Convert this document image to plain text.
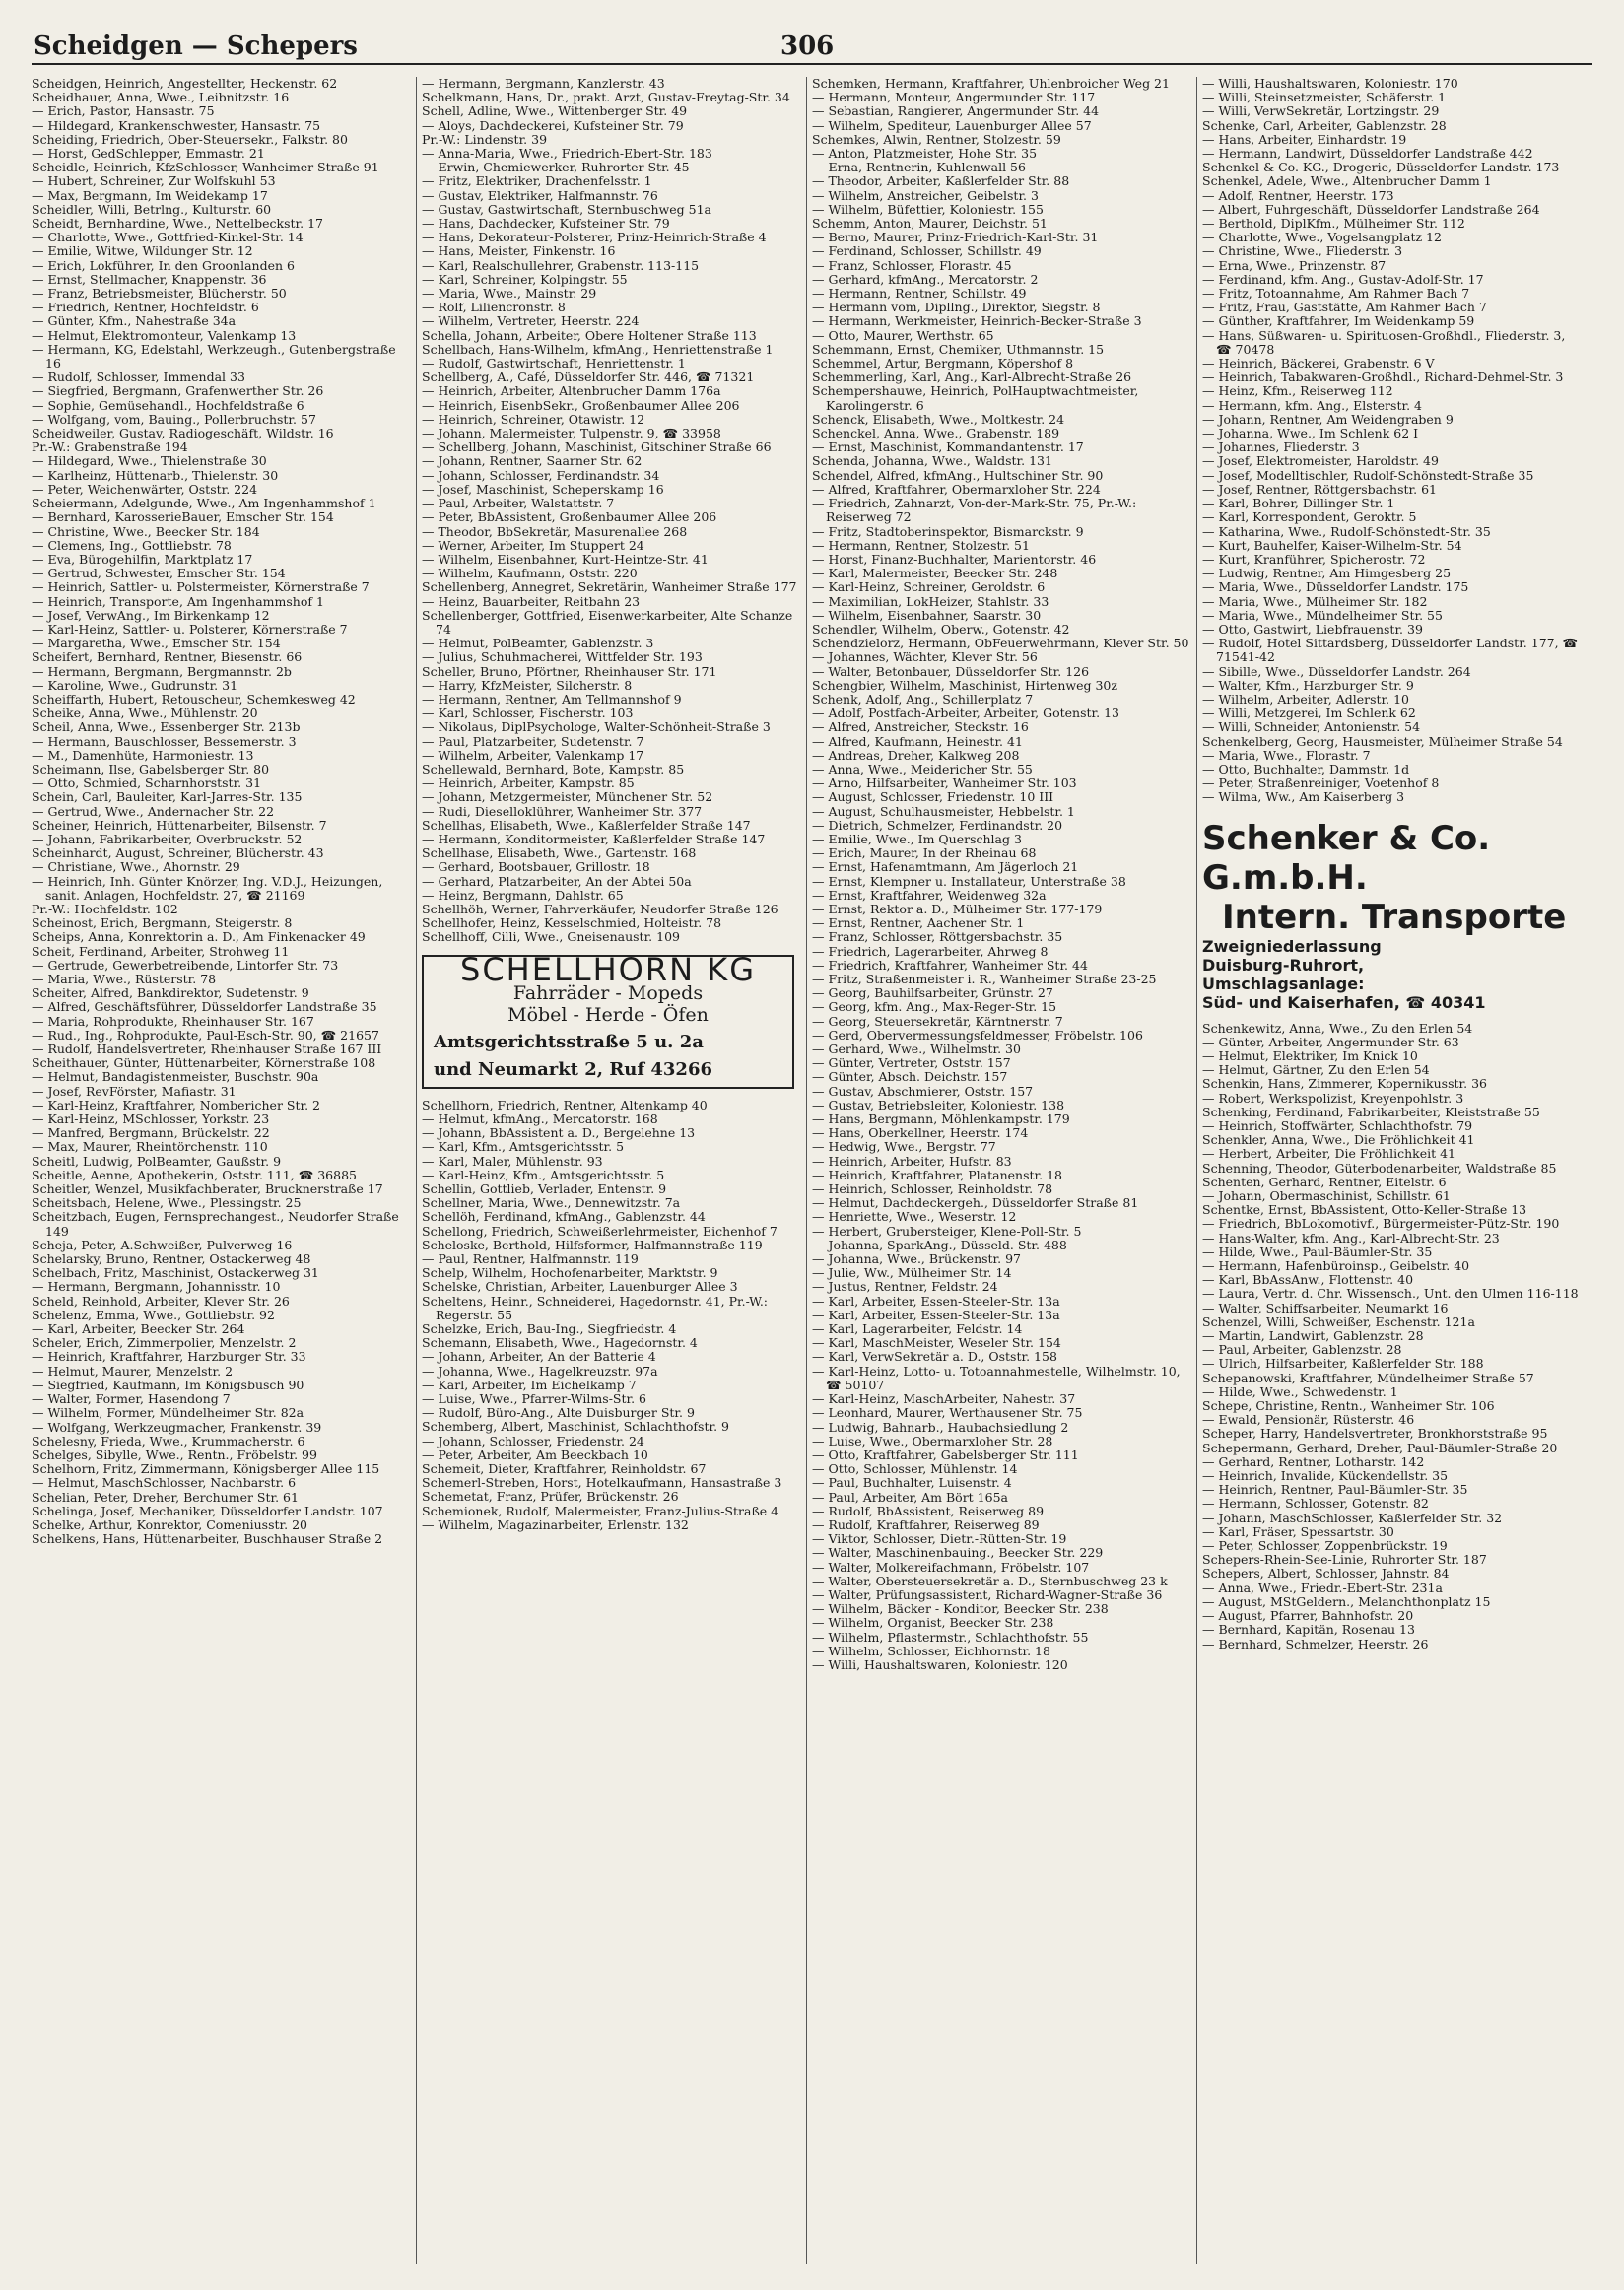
Scheidgen — Schepers	306
Scheidgen, Heinrich, Angestellter, Heckenstr. 62
Scheidhauer, Anna, Wwe., Leibnitzstr. 16
— Erich, Pastor, Hansastr. 75
— Hildegard, Krankenschwester, Hansastr. 75
Scheiding, Friedrich, Ober-Steuersekr., Falkstr. 80
— Horst, GedSchlepper, Emmastr. 21
Scheidle, Heinrich, KfzSchlosser, Wanheimer Straße 91
— Hubert, Schreiner, Zur Wolfskuhl 53
— Max, Bergmann, Im Weidekamp 17
Scheidler, Willi, Betrlng., Kulturstr. 60
Scheidt, Bernhardine, Wwe., Nettelbeckstr. 17
— Charlotte, Wwe., Gottfried-Kinkel-Str. 14
— Emilie, Witwe, Wildunger Str. 12
— Erich, Lokführer, In den Groonlanden 6
— Ernst, Stellmacher, Knappenstr. 36
— Franz, Betriebsmeister, Blücherstr. 50
— Friedrich, Rentner, Hochfeldstr. 6
— Günter, Kfm., Nahestraße 34a
— Helmut, Elektromonteur, Valenkamp 13
— Hermann, KG, Edelstahl, Werkzeugh., Gutenbergstraße 16
— Rudolf, Schlosser, Immendal 33
— Siegfried, Bergmann, Grafenwerther Str. 26
— Sophie, Gemüsehandl., Hochfeldstraße 6
— Wolfgang, vom, Bauing., Pollerbruchstr. 57
Scheidweiler, Gustav, Radiogeschäft, Wildstr. 16
Pr.-W.: Grabenstraße 194
— Hildegard, Wwe., Thielenstraße 30
— Karlheinz, Hüttenarb., Thielenstr. 30
— Peter, Weichenwärter, Oststr. 224
Scheiermann, Adelgunde, Wwe., Am Ingenhammshof 1
— Bernhard, KarosserieBauer, Emscher Str. 154
— Christine, Wwe., Beecker Str. 184
— Clemens, Ing., Gottliebstr. 78
— Eva, Bürogehilfin, Marktplatz 17
— Gertrud, Schwester, Emscher Str. 154
— Heinrich, Sattler- u. Polstermeister, Körnerstraße 7
— Heinrich, Transporte, Am Ingenhammshof 1
— Josef, VerwAng., Im Birkenkamp 12
— Karl-Heinz, Sattler- u. Polsterer, Körnerstraße 7
— Margaretha, Wwe., Emscher Str. 154
Scheifert, Bernhard, Rentner, Biesenstr. 66
— Hermann, Bergmann, Bergmannstr. 2b
— Karoline, Wwe., Gudrunstr. 31
Scheiffarth, Hubert, Retouscheur, Schemkesweg 42
Scheike, Anna, Wwe., Mühlenstr. 20
Scheil, Anna, Wwe., Essenberger Str. 213b
— Hermann, Bauschlosser, Bessemerstr. 3
— M., Damenhüte, Harmoniestr. 13
Scheimann, Ilse, Gabelsberger Str. 80
— Otto, Schmied, Scharnhorststr. 31
Schein, Carl, Bauleiter, Karl-Jarres-Str. 135
— Gertrud, Wwe., Andernacher Str. 22
Scheiner, Heinrich, Hüttenarbeiter, Bilsenstr. 7
— Johann, Fabrikarbeiter, Overbruckstr. 52
Scheinhardt, August, Schreiner, Blücherstr. 43
— Christiane, Wwe., Ahornstr. 29
— Heinrich, Inh. Günter Knörzer, Ing. V.D.J., Heizungen, sanit. Anlagen, Hochfeldstr. 27, ☎ 21169
Pr.-W.: Hochfeldstr. 102
Scheinost, Erich, Bergmann, Steigerstr. 8
Scheips, Anna, Konrektorin a. D., Am Finkenacker 49
Scheit, Ferdinand, Arbeiter, Strohweg 11
— Gertrude, Gewerbetreibende, Lintorfer Str. 73
— Maria, Wwe., Rüsterstr. 78
Scheiter, Alfred, Bankdirektor, Sudetenstr. 9
— Alfred, Geschäftsführer, Düsseldorfer Landstraße 35
— Maria, Rohprodukte, Rheinhauser Str. 167
— Rud., Ing., Rohprodukte, Paul-Esch-Str. 90, ☎ 21657
— Rudolf, Handelsvertreter, Rheinhauser Straße 167 III
Scheithauer, Günter, Hüttenarbeiter, Körnerstraße 108
— Helmut, Bandagistenmeister, Buschstr. 90a
— Josef, RevFörster, Mafiastr. 31
— Karl-Heinz, Kraftfahrer, Nombericher Str. 2
— Karl-Heinz, MSchlosser, Yorkstr. 23
— Manfred, Bergmann, Brückelstr. 22
— Max, Maurer, Rheintörchenstr. 110
Scheitl, Ludwig, PolBeamter, Gaußstr. 9
Scheitle, Aenne, Apothekerin, Oststr. 111, ☎ 36885
Scheitler, Wenzel, Musikfachberater, Brucknerstraße 17
Scheitsbach, Helene, Wwe., Plessingstr. 25
Scheitzbach, Eugen, Fernsprechangest., Neudorfer Straße 149
Scheja, Peter, A.Schweißer, Pulverweg 16
Schelarsky, Bruno, Rentner, Ostackerweg 48
Schelbach, Fritz, Maschinist, Ostackerweg 31
— Hermann, Bergmann, Johannisstr. 10
Scheld, Reinhold, Arbeiter, Klever Str. 26
Schelenz, Emma, Wwe., Gottliebstr. 92
— Karl, Arbeiter, Beecker Str. 264
Scheler, Erich, Zimmerpolier, Menzelstr. 2
— Heinrich, Kraftfahrer, Harzburger Str. 33
— Helmut, Maurer, Menzelstr. 2
— Siegfried, Kaufmann, Im Königsbusch 90
— Walter, Former, Hasendong 7
— Wilhelm, Former, Mündelheimer Str. 82a
— Wolfgang, Werkzeugmacher, Frankenstr. 39
Schelesny, Frieda, Wwe., Krummacherstr. 6
Schelges, Sibylle, Wwe., Rentn., Fröbelstr. 99
Schelhorn, Fritz, Zimmermann, Königsberger Allee 115
— Helmut, MaschSchlosser, Nachbarstr. 6
Schelian, Peter, Dreher, Berchumer Str. 61
Schelinga, Josef, Mechaniker, Düsseldorfer Landstr. 107
Schelke, Arthur, Konrektor, Comeniusstr. 20
Schelkens, Hans, Hüttenarbeiter, Buschhauser Straße 2
— Hermann, Bergmann, Kanzlerstr. 43
Schelkmann, Hans, Dr., prakt. Arzt, Gustav-Freytag-Str. 34
Schell, Adline, Wwe., Wittenberger Str. 49
— Aloys, Dachdeckerei, Kufsteiner Str. 79
Pr.-W.: Lindenstr. 39
— Anna-Maria, Wwe., Friedrich-Ebert-Str. 183
— Erwin, Chemiewerker, Ruhrorter Str. 45
— Fritz, Elektriker, Drachenfelsstr. 1
— Gustav, Elektriker, Halfmannstr. 76
— Gustav, Gastwirtschaft, Sternbuschweg 51a
— Hans, Dachdecker, Kufsteiner Str. 79
— Hans, Dekorateur-Polsterer, Prinz-Heinrich-Straße 4
— Hans, Meister, Finkenstr. 16
— Karl, Realschullehrer, Grabenstr. 113-115
— Karl, Schreiner, Kolpingstr. 55
— Maria, Wwe., Mainstr. 29
— Rolf, Liliencronstr. 8
— Wilhelm, Vertreter, Heerstr. 224
Schella, Johann, Arbeiter, Obere Holtener Straße 113
Schellbach, Hans-Wilhelm, kfmAng., Henriettenstraße 1
— Rudolf, Gastwirtschaft, Henriettenstr. 1
Schellberg, A., Café, Düsseldorfer Str. 446, ☎ 71321
— Heinrich, Arbeiter, Altenbrucher Damm 176a
— Heinrich, EisenbSekr., Großenbaumer Allee 206
— Heinrich, Schreiner, Otawistr. 12
— Johann, Malermeister, Tulpenstr. 9, ☎ 33958
— Schellberg, Johann, Maschinist, Gitschiner Straße 66
— Johann, Rentner, Saarner Str. 62
— Johann, Schlosser, Ferdinandstr. 34
— Josef, Maschinist, Scheperskamp 16
— Paul, Arbeiter, Walstattstr. 7
— Peter, BbAssistent, Großenbaumer Allee 206
— Theodor, BbSekretär, Masurenallee 268
— Werner, Arbeiter, Im Stuppert 24
— Wilhelm, Eisenbahner, Kurt-Heintze-Str. 41
— Wilhelm, Kaufmann, Oststr. 220
Schellenberg, Annegret, Sekretärin, Wanheimer Straße 177
— Heinz, Bauarbeiter, Reitbahn 23
Schellenberger, Gottfried, Eisenwerkarbeiter, Alte Schanze 74
— Helmut, PolBeamter, Gablenzstr. 3
— Julius, Schuhmacherei, Wittfelder Str. 193
Scheller, Bruno, Pförtner, Rheinhauser Str. 171
— Harry, KfzMeister, Silcherstr. 8
— Hermann, Rentner, Am Tellmannshof 9
— Karl, Schlosser, Fischerstr. 103
— Nikolaus, DiplPsychologe, Walter-Schönheit-Straße 3
— Paul, Platzarbeiter, Sudetenstr. 7
— Wilhelm, Arbeiter, Valenkamp 17
Schellewald, Bernhard, Bote, Kampstr. 85
— Heinrich, Arbeiter, Kampstr. 85
— Johann, Metzgermeister, Münchener Str. 52
— Rudi, Dieselloklührer, Wanheimer Str. 377
Schellhas, Elisabeth, Wwe., Kaßlerfelder Straße 147
— Hermann, Konditormeister, Kaßlerfelder Straße 147
Schellhase, Elisabeth, Wwe., Gartenstr. 168
— Gerhard, Bootsbauer, Grillostr. 18
— Gerhard, Platzarbeiter, An der Abtei 50a
— Heinz, Bergmann, Dahlstr. 65
Schellhöh, Werner, Fahrverkäufer, Neudorfer Straße 126
Schellhofer, Heinz, Kesselschmied, Holteistr. 78
Schellhoff, Cilli, Wwe., Gneisenaustr. 109
SCHELLHORN KG
Fahrräder - Mopeds
Möbel - Herde - Öfen
Amtsgerichtsstraße 5 u. 2a
und Neumarkt 2, Ruf 43266
Schellhorn, Friedrich, Rentner, Altenkamp 40
— Helmut, kfmAng., Mercatorstr. 168
— Johann, BbAssistent a. D., Bergelehne 13
— Karl, Kfm., Amtsgerichtsstr. 5
— Karl, Maler, Mühlenstr. 93
— Karl-Heinz, Kfm., Amtsgerichtsstr. 5
Schellin, Gottlieb, Verlader, Entenstr. 9
Schellner, Maria, Wwe., Dennewitzstr. 7a
Schellöh, Ferdinand, kfmAng., Gablenzstr. 44
Schellong, Friedrich, Schweißerlehrmeister, Eichenhof 7
Scheloske, Berthold, Hilfsformer, Halfmannstraße 119
— Paul, Rentner, Halfmannstr. 119
Schelp, Wilhelm, Hochofenarbeiter, Marktstr. 9
Schelske, Christian, Arbeiter, Lauenburger Allee 3
Scheltens, Heinr., Schneiderei, Hagedornstr. 41, Pr.-W.: Regerstr. 55
Schelzke, Erich, Bau-Ing., Siegfriedstr. 4
Schemann, Elisabeth, Wwe., Hagedornstr. 4
— Johann, Arbeiter, An der Batterie 4
— Johanna, Wwe., Hagelkreuzstr. 97a
— Karl, Arbeiter, Im Eichelkamp 7
— Luise, Wwe., Pfarrer-Wilms-Str. 6
— Rudolf, Büro-Ang., Alte Duisburger Str. 9
Schemberg, Albert, Maschinist, Schlachthofstr. 9
— Johann, Schlosser, Friedenstr. 24
— Peter, Arbeiter, Am Beeckbach 10
Schemeit, Dieter, Kraftfahrer, Reinholdstr. 67
Schemerl-Streben, Horst, Hotelkaufmann, Hansastraße 3
Schemetat, Franz, Prüfer, Brückenstr. 26
Schemionek, Rudolf, Malermeister, Franz-Julius-Straße 4
— Wilhelm, Magazinarbeiter, Erlenstr. 132
Schemken, Hermann, Kraftfahrer, Uhlenbroicher Weg 21
— Hermann, Monteur, Angermunder Str. 117
— Sebastian, Rangierer, Angermunder Str. 44
— Wilhelm, Spediteur, Lauenburger Allee 57
Schemkes, Alwin, Rentner, Stolzestr. 59
— Anton, Platzmeister, Hohe Str. 35
— Erna, Rentnerin, Kuhlenwall 56
— Theodor, Arbeiter, Kaßlerfelder Str. 88
— Wilhelm, Anstreicher, Geibelstr. 3
— Wilhelm, Büfettier, Koloniestr. 155
Schemm, Anton, Maurer, Deichstr. 51
— Berno, Maurer, Prinz-Friedrich-Karl-Str. 31
— Ferdinand, Schlosser, Schillstr. 49
— Franz, Schlosser, Florastr. 45
— Gerhard, kfmAng., Mercatorstr. 2
— Hermann, Rentner, Schillstr. 49
— Hermann vom, Dipllng., Direktor, Siegstr. 8
— Hermann, Werkmeister, Heinrich-Becker-Straße 3
— Otto, Maurer, Werthstr. 65
Schemmann, Ernst, Chemiker, Uthmannstr. 15
Schemmel, Artur, Bergmann, Köpershof 8
Schemmerling, Karl, Ang., Karl-Albrecht-Straße 26
Schempershauwe, Heinrich, PolHauptwachtmeister, Karolingerstr. 6
Schenck, Elisabeth, Wwe., Moltkestr. 24
Schenckel, Anna, Wwe., Grabenstr. 189
— Ernst, Maschinist, Kommandantenstr. 17
Schenda, Johanna, Wwe., Waldstr. 131
Schendel, Alfred, kfmAng., Hultschiner Str. 90
— Alfred, Kraftfahrer, Obermarxloher Str. 224
— Friedrich, Zahnarzt, Von-der-Mark-Str. 75, Pr.-W.: Reiserweg 72
— Fritz, Stadtoberinspektor, Bismarckstr. 9
— Hermann, Rentner, Stolzestr. 51
— Horst, Finanz-Buchhalter, Marientorstr. 46
— Karl, Malermeister, Beecker Str. 248
— Karl-Heinz, Schreiner, Geroldstr. 6
— Maximilian, LokHeizer, Stahlstr. 33
— Wilhelm, Eisenbahner, Saarstr. 30
Schendler, Wilhelm, Oberw., Gotenstr. 42
Schendzielorz, Hermann, ObFeuerwehrmann, Klever Str. 50
— Johannes, Wächter, Klever Str. 56
— Walter, Betonbauer, Düsseldorfer Str. 126
Schengbier, Wilhelm, Maschinist, Hirtenweg 30z
Schenk, Adolf, Ang., Schillerplatz 7
— Adolf, Postfach-Arbeiter, Arbeiter, Gotenstr. 13
— Alfred, Anstreicher, Steckstr. 16
— Alfred, Kaufmann, Heinestr. 41
— Andreas, Dreher, Kalkweg 208
— Anna, Wwe., Meidericher Str. 55
— Arno, Hilfsarbeiter, Wanheimer Str. 103
— August, Schlosser, Friedenstr. 10 III
— August, Schulhausmeister, Hebbelstr. 1
— Dietrich, Schmelzer, Ferdinandstr. 20
— Emilie, Wwe., Im Querschlag 3
— Erich, Maurer, In der Rheinau 68
— Ernst, Hafenamtmann, Am Jägerloch 21
— Ernst, Klempner u. Installateur, Unterstraße 38
— Ernst, Kraftfahrer, Weidenweg 32a
— Ernst, Rektor a. D., Mülheimer Str. 177-179
— Ernst, Rentner, Aachener Str. 1
— Franz, Schlosser, Röttgersbachstr. 35
— Friedrich, Lagerarbeiter, Ahrweg 8
— Friedrich, Kraftfahrer, Wanheimer Str. 44
— Fritz, Straßenmeister i. R., Wanheimer Straße 23-25
— Georg, Bauhilfsarbeiter, Grünstr. 27
— Georg, kfm. Ang., Max-Reger-Str. 15
— Georg, Steuersekretär, Kärntnerstr. 7
— Gerd, Obervermessungsfeldmesser, Fröbelstr. 106
— Gerhard, Wwe., Wilhelmstr. 30
— Günter, Vertreter, Oststr. 157
— Günter, Absch. Deichstr. 157
— Gustav, Abschmierer, Oststr. 157
— Gustav, Betriebsleiter, Koloniestr. 138
— Hans, Bergmann, Möhlenkampstr. 179
— Hans, Oberkellner, Heerstr. 174
— Hedwig, Wwe., Bergstr. 77
— Heinrich, Arbeiter, Hufstr. 83
— Heinrich, Kraftfahrer, Platanenstr. 18
— Heinrich, Schlosser, Reinholdstr. 78
— Helmut, Dachdeckergeh., Düsseldorfer Straße 81
— Henriette, Wwe., Weserstr. 12
— Herbert, Grubersteiger, Klene-Poll-Str. 5
— Johanna, SparkAng., Düsseld. Str. 488
— Johanna, Wwe., Brückenstr. 97
— Julie, Ww., Mülheimer Str. 14
— Justus, Rentner, Feldstr. 24
— Karl, Arbeiter, Essen-Steeler-Str. 13a
— Karl, Arbeiter, Essen-Steeler-Str. 13a
— Karl, Lagerarbeiter, Feldstr. 14
— Karl, MaschMeister, Weseler Str. 154
— Karl, VerwSekretär a. D., Oststr. 158
— Karl-Heinz, Lotto- u. Totoannahmestelle, Wilhelmstr. 10, ☎ 50107
— Karl-Heinz, MaschArbeiter, Nahestr. 37
— Leonhard, Maurer, Werthausener Str. 75
— Ludwig, Bahnarb., Haubachsiedlung 2
— Luise, Wwe., Obermarxloher Str. 28
— Otto, Kraftfahrer, Gabelsberger Str. 111
— Otto, Schlosser, Mühlenstr. 14
— Paul, Buchhalter, Luisenstr. 4
— Paul, Arbeiter, Am Bört 165a
— Rudolf, BbAssistent, Reiserweg 89
— Rudolf, Kraftfahrer, Reiserweg 89
— Viktor, Schlosser, Dietr.-Rütten-Str. 19
— Walter, Maschinenbauing., Beecker Str. 229
— Walter, Molkereifachmann, Fröbelstr. 107
— Walter, Obersteuersekretär a. D., Sternbuschweg 23 k
— Walter, Prüfungsassistent, Richard-Wagner-Straße 36
— Wilhelm, Bäcker - Konditor, Beecker Str. 238
— Wilhelm, Organist, Beecker Str. 238
— Wilhelm, Pflastermstr., Schlachthofstr. 55
— Wilhelm, Schlosser, Eichhornstr. 18
— Willi, Haushaltswaren, Koloniestr. 120
— Willi, Haushaltswaren, Koloniestr. 170
— Willi, Steinsetzmeister, Schäferstr. 1
— Willi, VerwSekretär, Lortzingstr. 29
Schenke, Carl, Arbeiter, Gablenzstr. 28
— Hans, Arbeiter, Einhardstr. 19
— Hermann, Landwirt, Düsseldorfer Landstraße 442
Schenkel & Co. KG., Drogerie, Düsseldorfer Landstr. 173
Schenkel, Adele, Wwe., Altenbrucher Damm 1
— Adolf, Rentner, Heerstr. 173
— Albert, Fuhrgeschäft, Düsseldorfer Landstraße 264
— Berthold, DiplKfm., Mülheimer Str. 112
— Charlotte, Wwe., Vogelsangplatz 12
— Christine, Wwe., Fliederstr. 3
— Erna, Wwe., Prinzenstr. 87
— Ferdinand, kfm. Ang., Gustav-Adolf-Str. 17
— Fritz, Totoannahme, Am Rahmer Bach 7
— Fritz, Frau, Gaststätte, Am Rahmer Bach 7
— Günther, Kraftfahrer, Im Weidenkamp 59
— Hans, Süßwaren- u. Spirituosen-Großhdl., Fliederstr. 3, ☎ 70478
— Heinrich, Bäckerei, Grabenstr. 6 V
— Heinrich, Tabakwaren-Großhdl., Richard-Dehmel-Str. 3
— Heinz, Kfm., Reiserweg 112
— Hermann, kfm. Ang., Elsterstr. 4
— Johann, Rentner, Am Weidengraben 9
— Johanna, Wwe., Im Schlenk 62 I
— Johannes, Fliederstr. 3
— Josef, Elektromeister, Haroldstr. 49
— Josef, Modelltischler, Rudolf-Schönstedt-Straße 35
— Josef, Rentner, Röttgersbachstr. 61
— Karl, Bohrer, Dillinger Str. 1
— Karl, Korrespondent, Geroktr. 5
— Katharina, Wwe., Rudolf-Schönstedt-Str. 35
— Kurt, Bauhelfer, Kaiser-Wilhelm-Str. 54
— Kurt, Kranführer, Spicherostr. 72
— Ludwig, Rentner, Am Himgesberg 25
— Maria, Wwe., Düsseldorfer Landstr. 175
— Maria, Wwe., Mülheimer Str. 182
— Maria, Wwe., Mündelheimer Str. 55
— Otto, Gastwirt, Liebfrauenstr. 39
— Rudolf, Hotel Sittardsberg, Düsseldorfer Landstr. 177, ☎ 71541-42
— Sibille, Wwe., Düsseldorfer Landstr. 264
— Walter, Kfm., Harzburger Str. 9
— Wilhelm, Arbeiter, Adlerstr. 10
— Willi, Metzgerei, Im Schlenk 62
— Willi, Schneider, Antonienstr. 54
Schenkelberg, Georg, Hausmeister, Mülheimer Straße 54
— Maria, Wwe., Florastr. 7
— Otto, Buchhalter, Dammstr. 1d
— Peter, Straßenreiniger, Voetenhof 8
— Wilma, Ww., Am Kaiserberg 3
Schenker & Co. G.m.b.H.
Intern. Transporte
Zweigniederlassung
Duisburg-Ruhrort,
Umschlagsanlage:
Süd- und Kaiserhafen, ☎ 40341
Schenkewitz, Anna, Wwe., Zu den Erlen 54
— Günter, Arbeiter, Angermunder Str. 63
— Helmut, Elektriker, Im Knick 10
— Helmut, Gärtner, Zu den Erlen 54
Schenkin, Hans, Zimmerer, Kopernikusstr. 36
— Robert, Werkspolizist, Kreyenpohlstr. 3
Schenking, Ferdinand, Fabrikarbeiter, Kleiststraße 55
— Heinrich, Stoffwärter, Schlachthofstr. 79
Schenkler, Anna, Wwe., Die Fröhlichkeit 41
— Herbert, Arbeiter, Die Fröhlichkeit 41
Schenning, Theodor, Güterbodenarbeiter, Waldstraße 85
Schenten, Gerhard, Rentner, Eitelstr. 6
— Johann, Obermaschinist, Schillstr. 61
Schentke, Ernst, BbAssistent, Otto-Keller-Straße 13
— Friedrich, BbLokomotivf., Bürgermeister-Pütz-Str. 190
— Hans-Walter, kfm. Ang., Karl-Albrecht-Str. 23
— Hilde, Wwe., Paul-Bäumler-Str. 35
— Hermann, Hafenbüroinsp., Geibelstr. 40
— Karl, BbAssAnw., Flottenstr. 40
— Laura, Vertr. d. Chr. Wissensch., Unt. den Ulmen 116-118
— Walter, Schiffsarbeiter, Neumarkt 16
Schenzel, Willi, Schweißer, Eschenstr. 121a
— Martin, Landwirt, Gablenzstr. 28
— Paul, Arbeiter, Gablenzstr. 28
— Ulrich, Hilfsarbeiter, Kaßlerfelder Str. 188
Schepanowski, Kraftfahrer, Mündelheimer Straße 57
— Hilde, Wwe., Schwedenstr. 1
Schepe, Christine, Rentn., Wanheimer Str. 106
— Ewald, Pensionär, Rüsterstr. 46
Scheper, Harry, Handelsvertreter, Bronkhorststraße 95
Schepermann, Gerhard, Dreher, Paul-Bäumler-Straße 20
— Gerhard, Rentner, Lotharstr. 142
— Heinrich, Invalide, Kückendellstr. 35
— Heinrich, Rentner, Paul-Bäumler-Str. 35
— Hermann, Schlosser, Gotenstr. 82
— Johann, MaschSchlosser, Kaßlerfelder Str. 32
— Karl, Fräser, Spessartstr. 30
— Peter, Schlosser, Zoppenbrückstr. 19
Schepers-Rhein-See-Linie, Ruhrorter Str. 187
Schepers, Albert, Schlosser, Jahnstr. 84
— Anna, Wwe., Friedr.-Ebert-Str. 231a
— August, MStGeldern., Melanchthonplatz 15
— August, Pfarrer, Bahnhofstr. 20
— Bernhard, Kapitän, Rosenau 13
— Bernhard, Schmelzer, Heerstr. 26
